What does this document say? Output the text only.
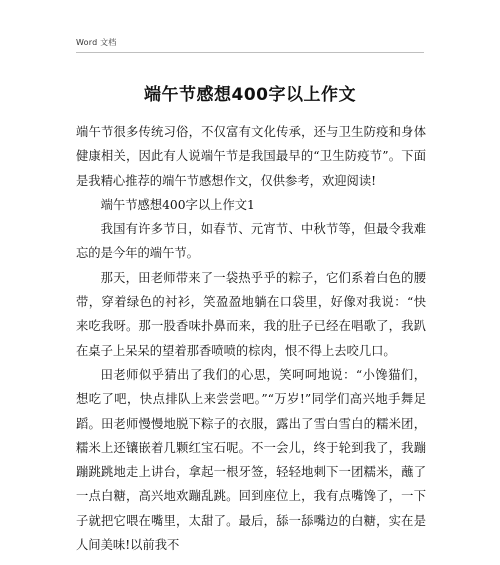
Word 文档
端午节感想400字以上作文

端午节很多传统习俗，不仅富有文化传承，还与卫生防疫和身体健康相关，因此有人说端午节是我国最早的“卫生防疫节”。下面是我精心推荐的端午节感想作文，仅供参考，欢迎阅读!

端午节感想400字以上作文1

我国有许多节日，如春节、元宵节、中秋节等，但最令我难忘的是今年的端午节。

那天，田老师带来了一袋热乎乎的粽子，它们系着白色的腰带，穿着绿色的衬衫，笑盈盈地躺在口袋里，好像对我说：“快来吃我呀。那一股香味扑鼻而来，我的肚子已经在唱歌了，我趴在桌子上呆呆的望着那香喷喷的棕肉，恨不得上去咬几口。

田老师似乎猜出了我们的心思，笑呵呵地说：“小馋猫们，想吃了吧，快点排队上来尝尝吧。”“万岁!”同学们高兴地手舞足蹈。田老师慢慢地脱下粽子的衣服，露出了雪白雪白的糯米团，糯米上还镶嵌着几颗红宝石呢。不一会儿，终于轮到我了，我蹦蹦跳跳地走上讲台，拿起一根牙签，轻轻地刺下一团糯米，蘸了一点白糖，高兴地欢蹦乱跳。回到座位上，我有点嘴馋了，一下子就把它喂在嘴里，太甜了。最后，舔一舔嘴边的白糖，实在是人间美味!以前我不
